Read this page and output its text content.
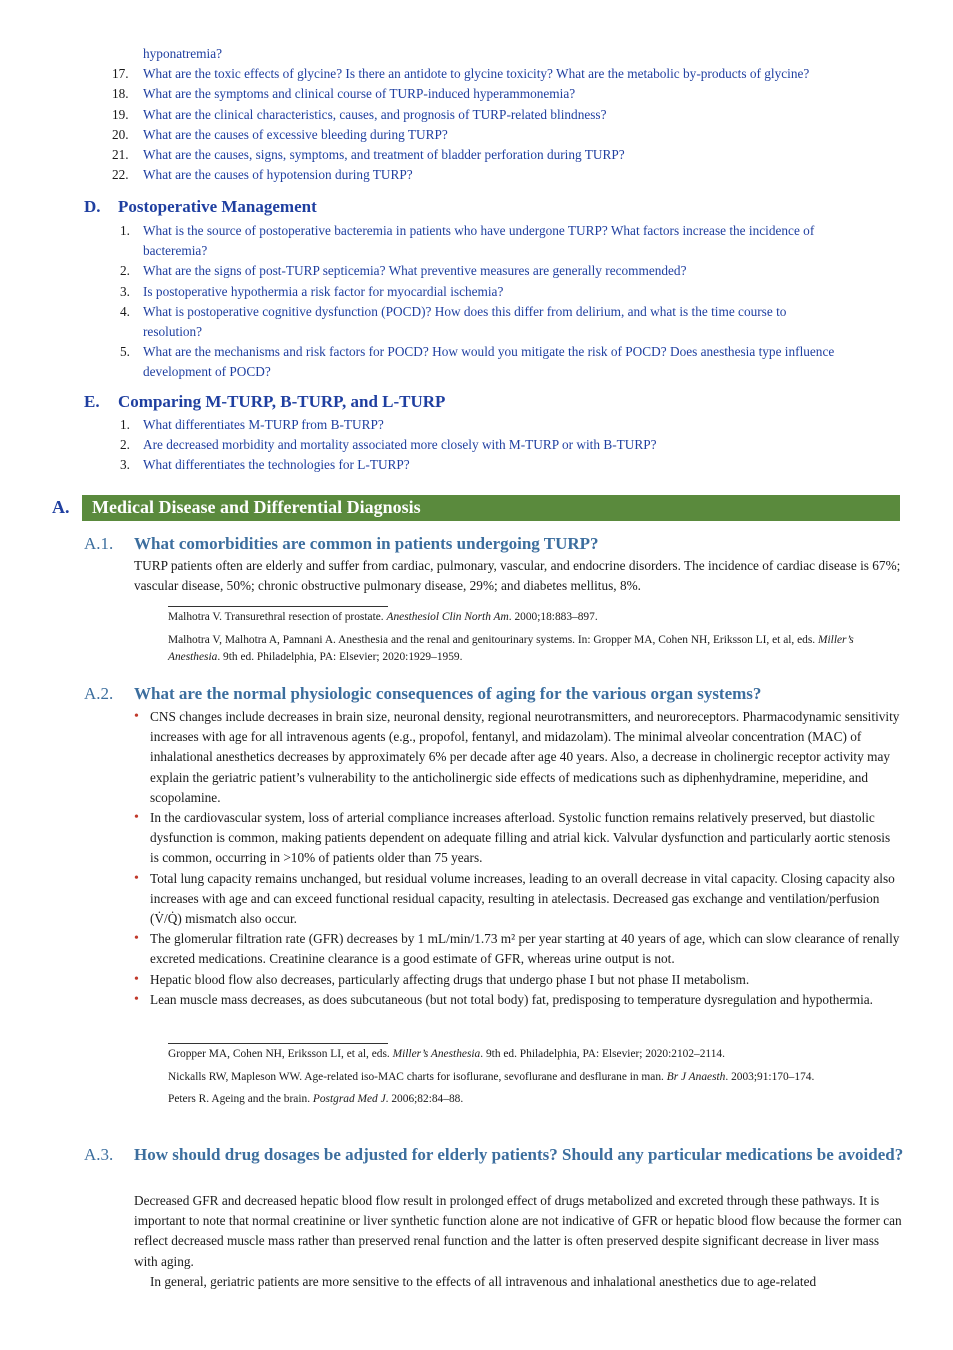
hyponatremia?
17.	What are the toxic effects of glycine? Is there an antidote to glycine toxicity? What are the metabolic by-products of glycine?
18.	What are the symptoms and clinical course of TURP-induced hyperammonemia?
19.	What are the clinical characteristics, causes, and prognosis of TURP-related blindness?
20.	What are the causes of excessive bleeding during TURP?
21.	What are the causes, signs, symptoms, and treatment of bladder perforation during TURP?
22.	What are the causes of hypotension during TURP?
D. Postoperative Management
1. What is the source of postoperative bacteremia in patients who have undergone TURP? What factors increase the incidence of
bacteremia?
2. What are the signs of post-TURP septicemia? What preventive measures are generally recommended?
3. Is postoperative hypothermia a risk factor for myocardial ischemia?
4. What is postoperative cognitive dysfunction (POCD)? How does this differ from delirium, and what is the time course to
resolution?
5. What are the mechanisms and risk factors for POCD? How would you mitigate the risk of POCD? Does anesthesia type influence
development of POCD?
E. Comparing M-TURP, B-TURP, and L-TURP
1. What differentiates M-TURP from B-TURP?
2. Are decreased morbidity and mortality associated more closely with M-TURP or with B-TURP?
3. What differentiates the technologies for L-TURP?
A. Medical Disease and Differential Diagnosis
A.1.	What comorbidities are common in patients undergoing TURP?
TURP patients often are elderly and suffer from cardiac, pulmonary, vascular, and endocrine disorders. The incidence of cardiac disease is 67%; vascular disease, 50%; chronic obstructive pulmonary disease, 29%; and diabetes mellitus, 8%.

Malhotra V. Transurethral resection of prostate. Anesthesiol Clin North Am. 2000;18:883–897.

Malhotra V, Malhotra A, Pamnani A. Anesthesia and the renal and genitourinary systems. In: Gropper MA, Cohen NH, Eriksson LI, et al, eds. Miller’s Anesthesia. 9th ed. Philadelphia, PA: Elsevier; 2020:1929–1959.

A.2.	What are the normal physiologic consequences of aging for the various organ systems?
• CNS changes include decreases in brain size, neuronal density, regional neurotransmitters, and neuroreceptors. Pharmacodynamic sensitivity increases with age for all intravenous agents (e.g., propofol, fentanyl, and midazolam). The minimal alveolar concentration (MAC) of inhalational anesthetics decreases by approximately 6% per decade after age 40 years. Also, a decrease in cholinergic receptor activity may explain the geriatric patient’s vulnerability to the anticholinergic side effects of medications such as diphenhydramine, meperidine, and scopolamine.
• In the cardiovascular system, loss of arterial compliance increases afterload. Systolic function remains relatively preserved, but diastolic dysfunction is common, making patients dependent on adequate filling and atrial kick. Valvular dysfunction and particularly aortic stenosis is common, occurring in >10% of patients older than 75 years.
• Total lung capacity remains unchanged, but residual volume increases, leading to an overall decrease in vital capacity. Closing capacity also increases with age and can exceed functional residual capacity, resulting in atelectasis. Decreased gas exchange and ventilation/perfusion (V̇/Q̇) mismatch also occur.
• The glomerular filtration rate (GFR) decreases by 1 mL/min/1.73 m² per year starting at 40 years of age, which can slow clearance of renally excreted medications. Creatinine clearance is a good estimate of GFR, whereas urine output is not.
• Hepatic blood flow also decreases, particularly affecting drugs that undergo phase I but not phase II metabolism.
• Lean muscle mass decreases, as does subcutaneous (but not total body) fat, predisposing to temperature dysregulation and hypothermia.

Gropper MA, Cohen NH, Eriksson LI, et al, eds. Miller’s Anesthesia. 9th ed. Philadelphia, PA: Elsevier; 2020:2102–2114.

Nickalls RW, Mapleson WW. Age-related iso-MAC charts for isoflurane, sevoflurane and desflurane in man. Br J Anaesth. 2003;91:170–174.

Peters R. Ageing and the brain. Postgrad Med J. 2006;82:84–88.

A.3.	How should drug dosages be adjusted for elderly patients? Should any particular medications be avoided?
Decreased GFR and decreased hepatic blood flow result in prolonged effect of drugs metabolized and excreted through these pathways. It is important to note that normal creatinine or liver synthetic function alone are not indicative of GFR or hepatic blood flow because the former can reflect decreased muscle mass rather than preserved renal function and the latter is often preserved despite significant decrease in liver mass with aging.
In general, geriatric patients are more sensitive to the effects of all intravenous and inhalational anesthetics due to age-related
